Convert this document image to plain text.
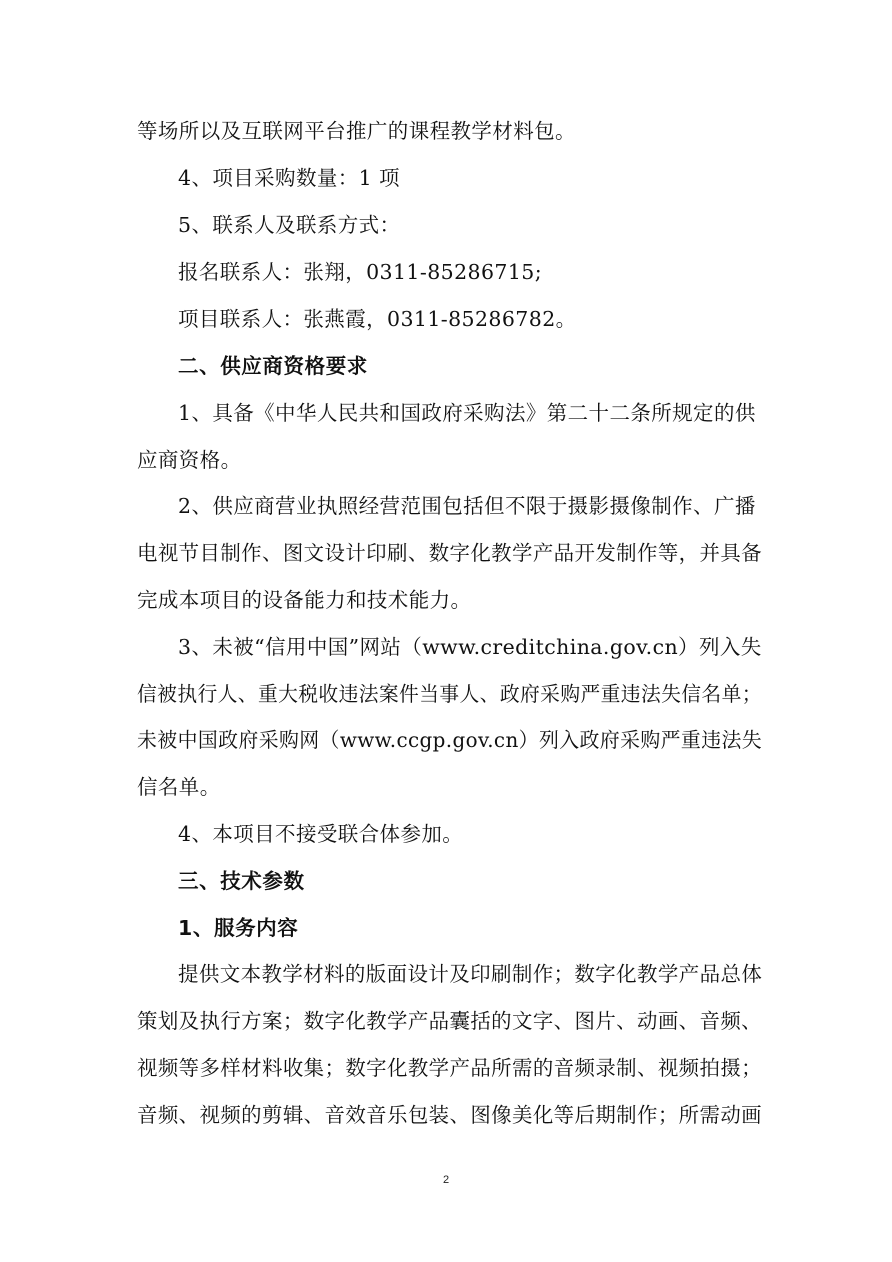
等场所以及互联网平台推广的课程教学材料包。
4、项目采购数量：1 项
5、联系人及联系方式：
报名联系人：张翔，0311-85286715;
项目联系人：张燕霞，0311-85286782。
二、供应商资格要求
1、具备《中华人民共和国政府采购法》第二十二条所规定的供
应商资格。
2、供应商营业执照经营范围包括但不限于摄影摄像制作、广播
电视节目制作、图文设计印刷、数字化教学产品开发制作等，并具备
完成本项目的设备能力和技术能力。
3、未被“信用中国”网站（www.creditchina.gov.cn）列入失
信被执行人、重大税收违法案件当事人、政府采购严重违法失信名单；
未被中国政府采购网（www.ccgp.gov.cn）列入政府采购严重违法失
信名单。
4、本项目不接受联合体参加。
三、技术参数
1、服务内容
提供文本教学材料的版面设计及印刷制作；数字化教学产品总体
策划及执行方案；数字化教学产品囊括的文字、图片、动画、音频、
视频等多样材料收集；数字化教学产品所需的音频录制、视频拍摄；
音频、视频的剪辑、音效音乐包装、图像美化等后期制作；所需动画
2
